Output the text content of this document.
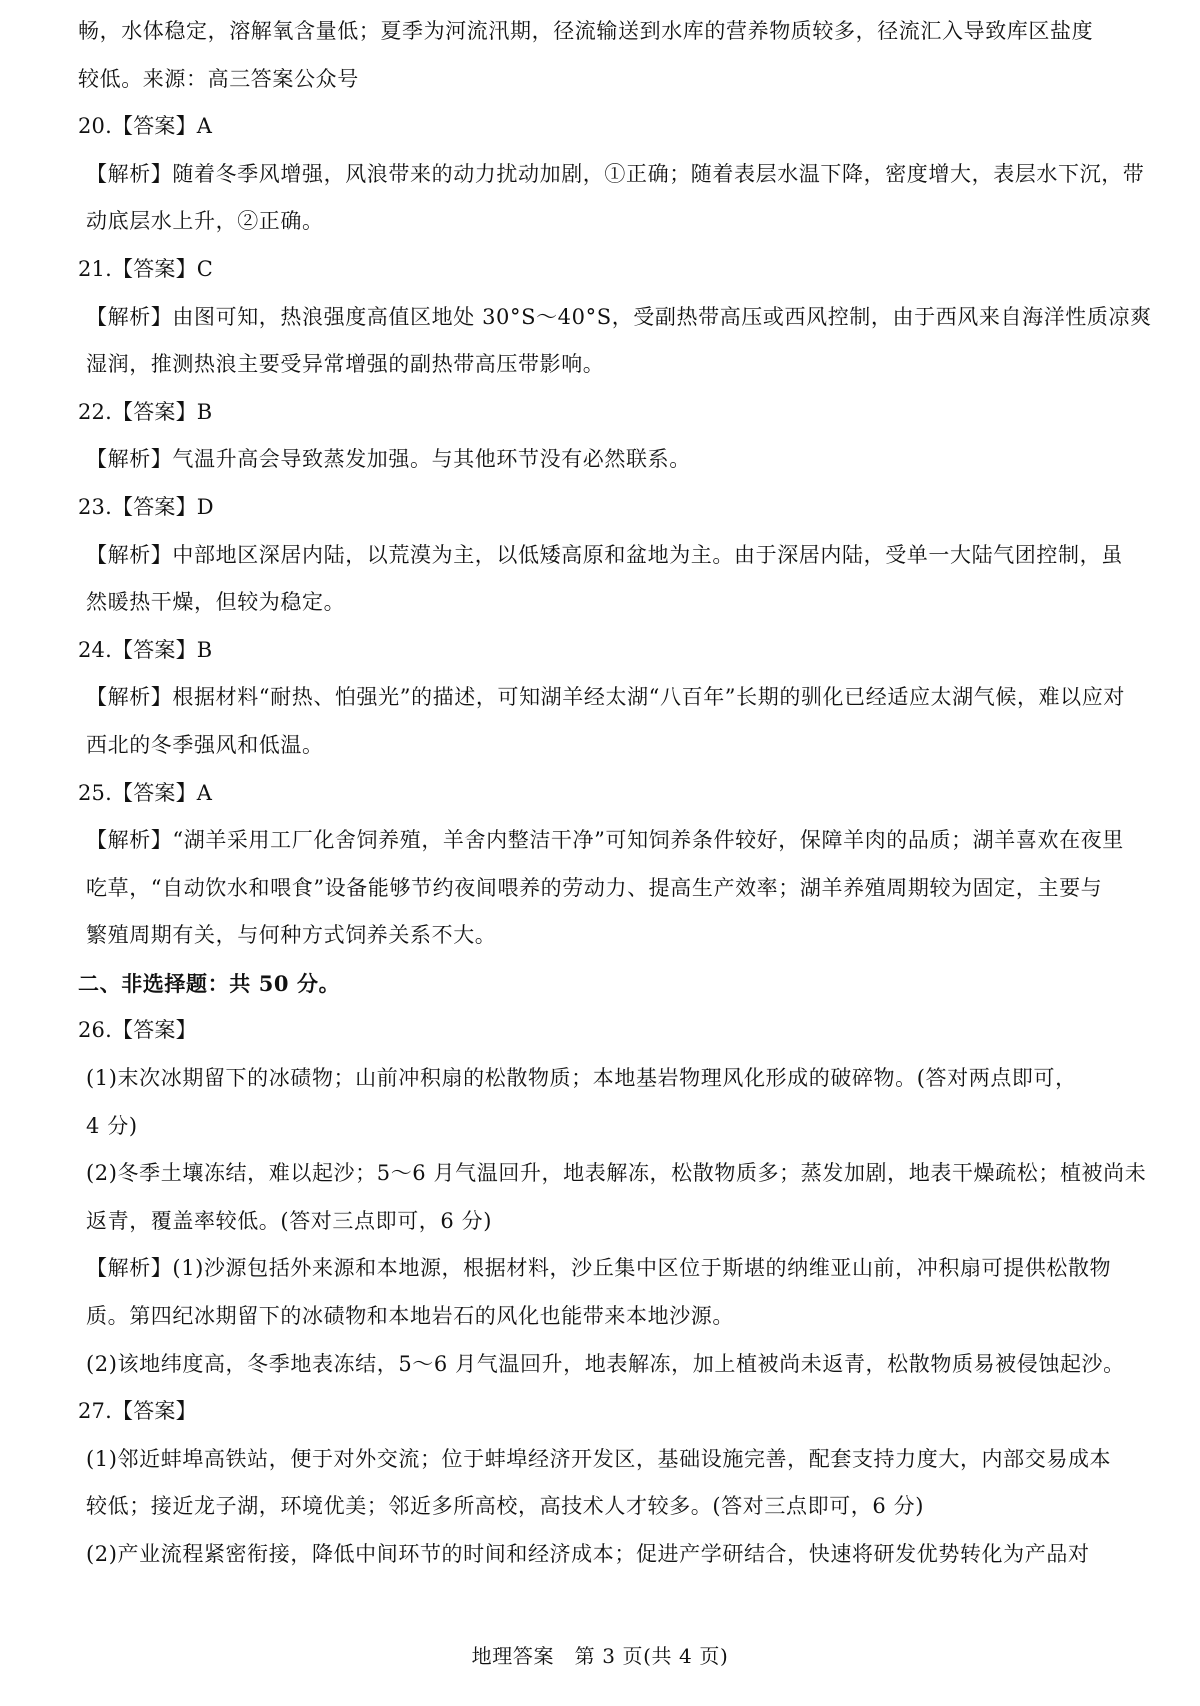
畅，水体稳定，溶解氧含量低；夏季为河流汛期，径流输送到水库的营养物质较多，径流汇入导致库区盐度
较低。来源：高三答案公众号
20.【答案】A
【解析】随着冬季风增强，风浪带来的动力扰动加剧，①正确；随着表层水温下降，密度增大，表层水下沉，带
动底层水上升，②正确。
21.【答案】C
【解析】由图可知，热浪强度高值区地处 30°S～40°S，受副热带高压或西风控制，由于西风来自海洋性质凉爽
湿润，推测热浪主要受异常增强的副热带高压带影响。
22.【答案】B
【解析】气温升高会导致蒸发加强。与其他环节没有必然联系。
23.【答案】D
【解析】中部地区深居内陆，以荒漠为主，以低矮高原和盆地为主。由于深居内陆，受单一大陆气团控制，虽
然暖热干燥，但较为稳定。
24.【答案】B
【解析】根据材料“耐热、怕强光”的描述，可知湖羊经太湖“八百年”长期的驯化已经适应太湖气候，难以应对
西北的冬季强风和低温。
25.【答案】A
【解析】“湖羊采用工厂化舍饲养殖，羊舍内整洁干净”可知饲养条件较好，保障羊肉的品质；湖羊喜欢在夜里
吃草，“自动饮水和喂食”设备能够节约夜间喂养的劳动力、提高生产效率；湖羊养殖周期较为固定，主要与
繁殖周期有关，与何种方式饲养关系不大。
二、非选择题：共 50 分。
26.【答案】
(1)末次冰期留下的冰碛物；山前冲积扇的松散物质；本地基岩物理风化形成的破碎物。(答对两点即可，
4 分)
(2)冬季土壤冻结，难以起沙；5～6 月气温回升，地表解冻，松散物质多；蒸发加剧，地表干燥疏松；植被尚未
返青，覆盖率较低。(答对三点即可，6 分)
【解析】(1)沙源包括外来源和本地源，根据材料，沙丘集中区位于斯堪的纳维亚山前，冲积扇可提供松散物
质。第四纪冰期留下的冰碛物和本地岩石的风化也能带来本地沙源。
(2)该地纬度高，冬季地表冻结，5～6 月气温回升，地表解冻，加上植被尚未返青，松散物质易被侵蚀起沙。
27.【答案】
(1)邻近蚌埠高铁站，便于对外交流；位于蚌埠经济开发区，基础设施完善，配套支持力度大，内部交易成本
较低；接近龙子湖，环境优美；邻近多所高校，高技术人才较多。(答对三点即可，6 分)
(2)产业流程紧密衔接，降低中间环节的时间和经济成本；促进产学研结合，快速将研发优势转化为产品对
地理答案　第 3 页(共 4 页)
